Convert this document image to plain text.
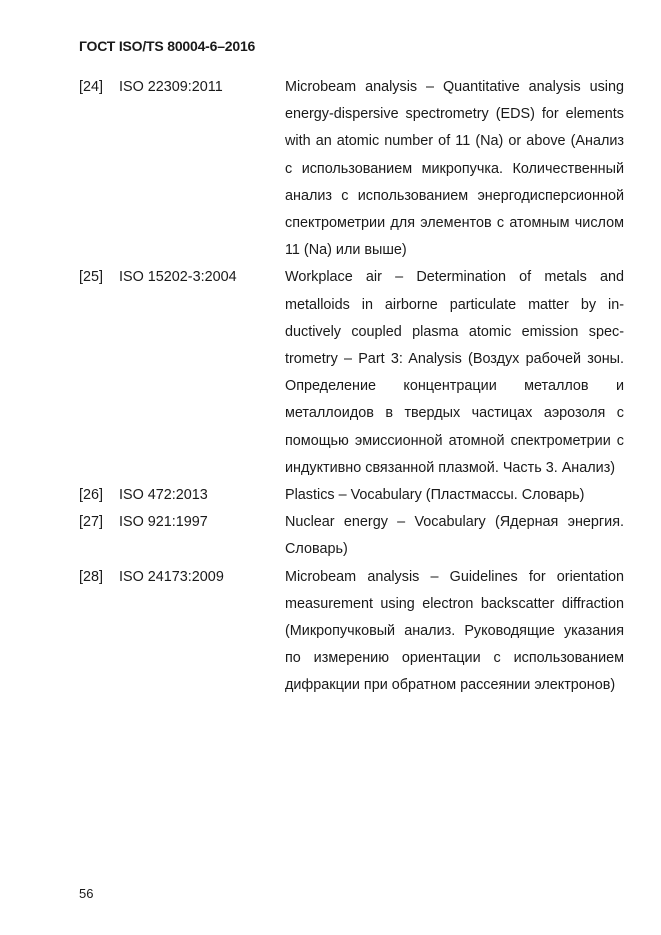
ГОСТ ISO/TS 80004-6–2016
[24]	ISO 22309:2011	Microbeam analysis – Quantitative analysis using energy-dispersive spectrometry (EDS) for elements with an atomic number of 11 (Na) or above (Анализ с использованием микропучка. Количественный анализ с использованием энергодисперсионной спектрометрии для элементов с атомным числом 11 (Na) или выше)
[25]	ISO 15202-3:2004	Workplace air – Determination of metals and metalloids in airborne particulate matter by inductively coupled plasma atomic emission spectrometry – Part 3: Analysis (Воздух рабочей зоны. Определение концентрации металлов и металлоидов в твердых частицах аэрозоля с помощью эмиссионной атомной спектрометрии с индуктивно связанной плазмой. Часть 3. Анализ)
[26]	ISO 472:2013	Plastics – Vocabulary (Пластмассы. Словарь)
[27]	ISO 921:1997	Nuclear energy – Vocabulary (Ядерная энергия. Словарь)
[28]	ISO 24173:2009	Microbeam analysis – Guidelines for orientation measurement using electron backscatter diffraction (Микропучковый анализ. Руководящие указания по измерению ориентации с использованием дифракции при обратном рассеянии электронов)
56
